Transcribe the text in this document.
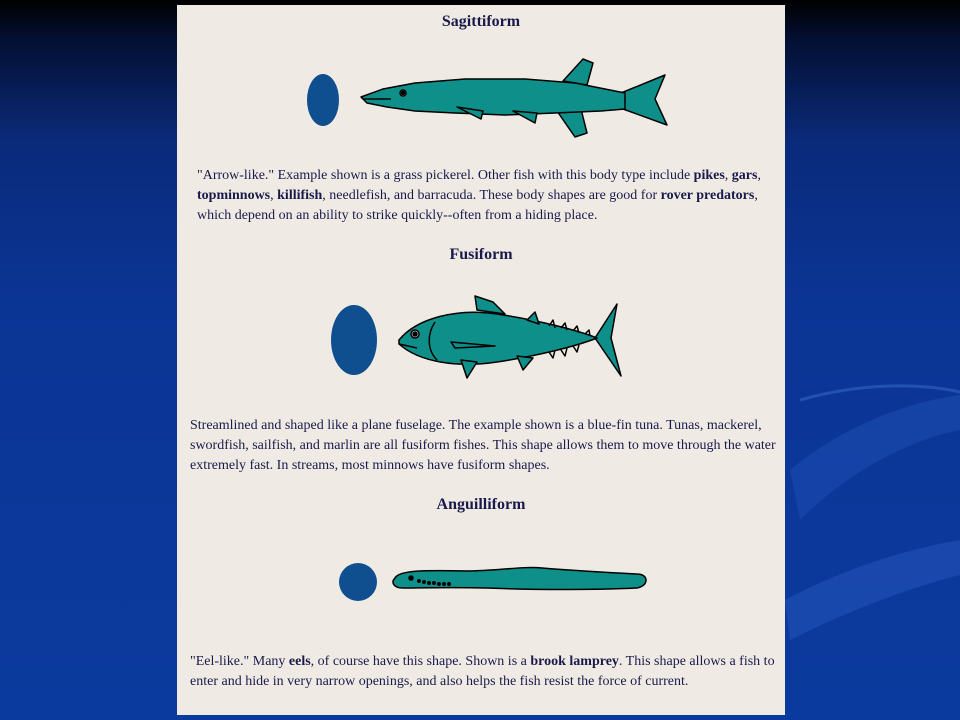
Sagittiform
"Arrow-like." Example shown is a grass pickerel. Other fish with this body type include pikes, gars, topminnows, killifish, needlefish, and barracuda. These body shapes are good for rover predators, which depend on an ability to strike quickly--often from a hiding place.
Fusiform
Streamlined and shaped like a plane fuselage. The example shown is a blue-fin tuna. Tunas, mackerel, swordfish, sailfish, and marlin are all fusiform fishes. This shape allows them to move through the water extremely fast. In streams, most minnows have fusiform shapes.
Anguilliform
"Eel-like." Many eels, of course have this shape. Shown is a brook lamprey. This shape allows a fish to enter and hide in very narrow openings, and also helps the fish resist the force of current.
